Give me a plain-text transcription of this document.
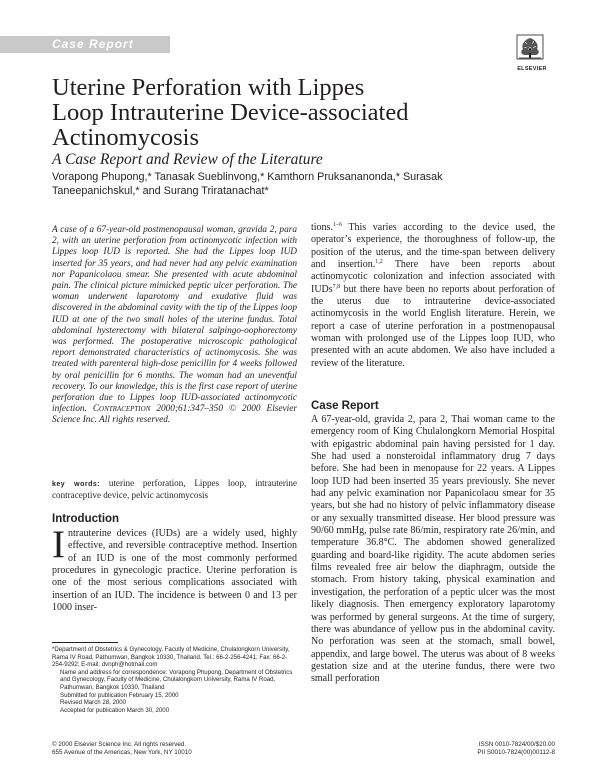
Case Report
ELSEVIER
Uterine Perforation with Lippes Loop Intrauterine Device-associated Actinomycosis
A Case Report and Review of the Literature
Vorapong Phupong,* Tanasak Sueblinvong,* Kamthorn Pruksananonda,* Surasak Taneepanichskul,* and Surang Triratanachat*
A case of a 67-year-old postmenopausal woman, gravida 2, para 2, with an uterine perforation from actinomycotic infection with Lippes loop IUD is reported. She had the Lippes loop IUD inserted for 35 years, and had never had any pelvic examination nor Papanicolaou smear. She presented with acute abdominal pain. The clinical picture mimicked peptic ulcer perforation. The woman underwent laparotomy and exudative fluid was discovered in the abdominal cavity with the tip of the Lippes loop IUD at one of the two small holes of the uterine fundus. Total abdominal hysterectomy with bilateral salpingo-oophorectomy was performed. The postoperative microscopic pathological report demonstrated characteristics of actinomycosis. She was treated with parenteral high-dose penicillin for 4 weeks followed by oral penicillin for 6 months. The woman had an uneventful recovery. To our knowledge, this is the first case report of uterine perforation due to Lippes loop IUD-associated actinomycotic infection. Contraception 2000;61:347–350 © 2000 Elsevier Science Inc. All rights reserved.
key words: uterine perforation, Lippes loop, intrauterine contraceptive device, pelvic actinomycosis
Introduction
Intrauterine devices (IUDs) are a widely used, highly effective, and reversible contraceptive method. Insertion of an IUD is one of the most commonly performed procedures in gynecologic practice. Uterine perforation is one of the most serious complications associated with insertion of an IUD. The incidence is between 0 and 13 per 1000 inser-

*Department of Obstetrics & Gynecology, Faculty of Medicine, Chulalongkorn University, Rama IV Road, Pathumwan, Bangkok 10330, Thailand. Tel.: 66-2-256-4241; Fax: 66-2-254-9292; E-mail: dvnph@hotmail.com

Name and address for correspondence: Vorapong Phupong, Department of Obstetrics and Gynecology, Faculty of Medicine, Chulalongkorn University, Rama IV Road, Pathumwan, Bangkok 10330, Thailand

Submitted for publication February 15, 2000

Revised March 28, 2000

Accepted for publication March 30, 2000

tions.$^{1-6}$ This varies according to the device used, the operator’s experience, the thoroughness of follow-up, the position of the uterus, and the time-span between delivery and insertion.$^{1,2}$ There have been reports about actinomycotic colonization and infection associated with IUDs$^{7,8}$ but there have been no reports about perforation of the uterus due to intrauterine device-associated actinomycosis in the world English literature. Herein, we report a case of uterine perforation in a postmenopausal woman with prolonged use of the Lippes loop IUD, who presented with an acute abdomen. We also have included a review of the literature.
Case Report
A 67-year-old, gravida 2, para 2, Thai woman came to the emergency room of King Chulalongkorn Memorial Hospital with epigastric abdominal pain having persisted for 1 day. She had used a nonsteroidal inflammatory drug 7 days before. She had been in menopause for 22 years. A Lippes loop IUD had been inserted 35 years previously. She never had any pelvic examination nor Papanicolaou smear for 35 years, but she had no history of pelvic inflammatory disease or any sexually transmitted disease. Her blood pressure was 90/60 mmHg, pulse rate 86/min, respiratory rate 26/min, and temperature 36.8°C. The abdomen showed generalized guarding and board-like rigidity. The acute abdomen series films revealed free air below the diaphragm, outside the stomach. From history taking, physical examination and investigation, the perforation of a peptic ulcer was the most likely diagnosis. Then emergency exploratory laparotomy was performed by general surgeons. At the time of surgery, there was abundance of yellow pus in the abdominal cavity. No perforation was seen at the stomach, small bowel, appendix, and large bowel. The uterus was about of 8 weeks gestation size and at the uterine fundus, there were two small perforation
© 2000 Elsevier Science Inc. All rights reserved.
655 Avenue of the Americas, New York, NY 10010
ISSN 0010-7824/00/$20.00
PII S0010-7824(00)00112-8
